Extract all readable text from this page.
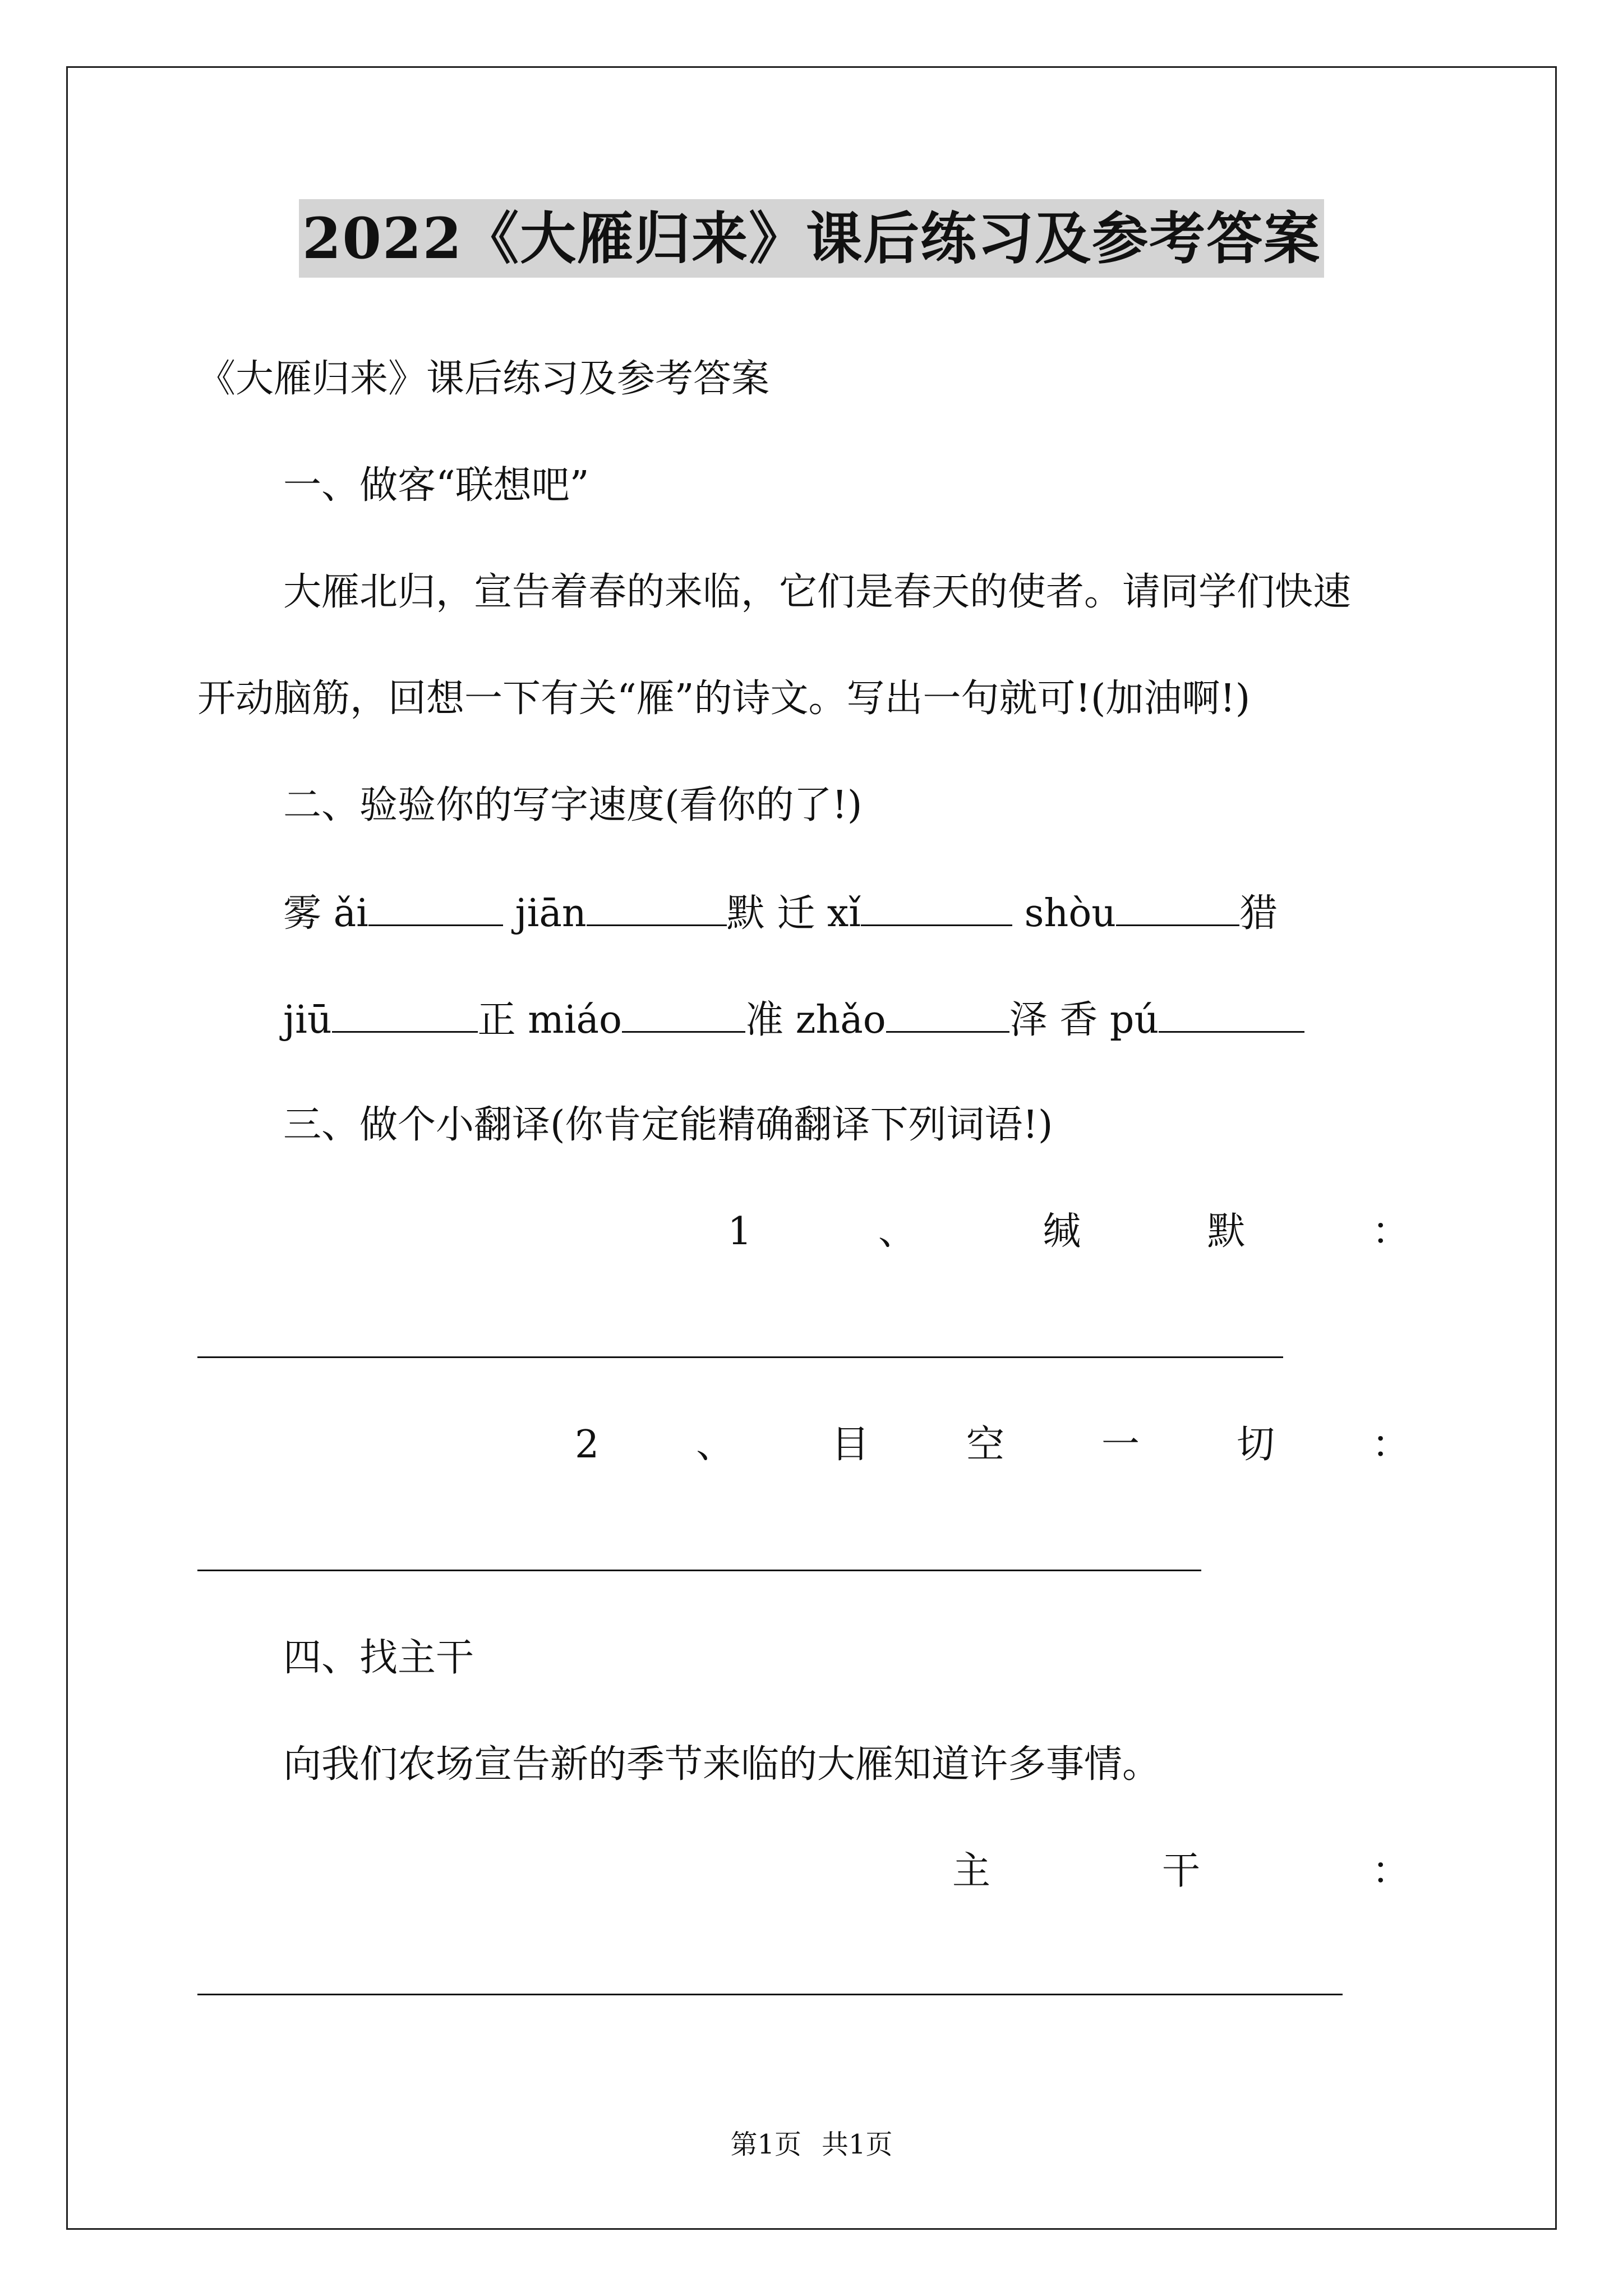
2022《大雁归来》课后练习及参考答案
《大雁归来》课后练习及参考答案
一、做客“联想吧”
大雁北归，宣告着春的来临，它们是春天的使者。请同学们快速
开动脑筋，回想一下有关“雁”的诗文。写出一句就可!(加油啊!)
二、验验你的写字速度(看你的了!)
雾 ǎi	jiān	默 迁 xǐ	shòu	猎
jiū	正 miáo	准 zhǎo	泽 香 pú
三、做个小翻译(你肯定能精确翻译下列词语!)
1	、	缄	默	：
2	、	目	空	一	切	：
四、找主干
向我们农场宣告新的季节来临的大雁知道许多事情。
主	干	：
第1页 共1页
